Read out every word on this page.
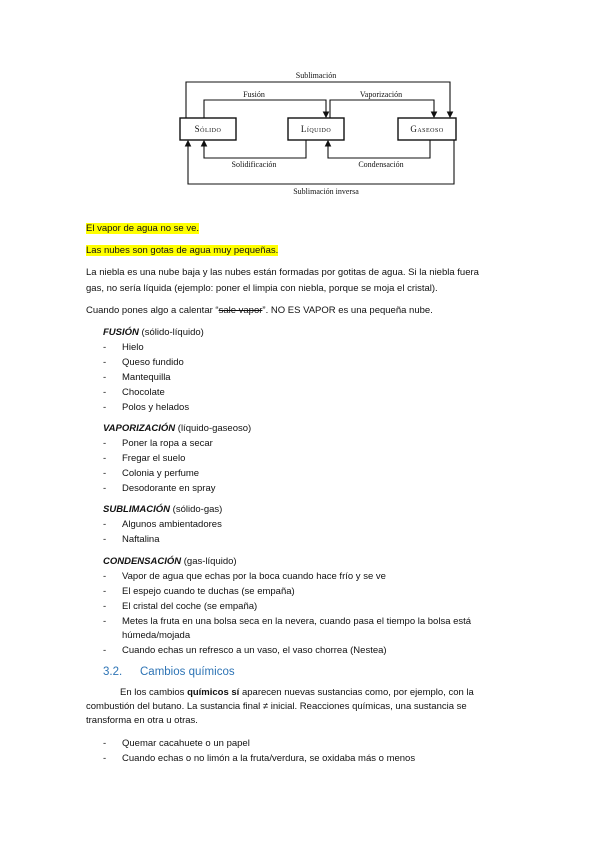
Sólido	Líquido	Gaseoso
Sublimación
Fusión	Vaporización
Solidificación	Condensación
Sublimación inversa
El vapor de agua no se ve.
Las nubes son gotas de agua muy pequeñas.
La niebla es una nube baja y las nubes están formadas por gotitas de agua. Si la niebla fuera
gas, no sería líquida (ejemplo: poner el limpia con niebla, porque se moja el cristal).
Cuando pones algo a calentar “sale vapor”. NO ES VAPOR es una pequeña nube.
FUSIÓN (sólido-líquido)
- Hielo
- Queso fundido
- Mantequilla
- Chocolate
- Polos y helados
VAPORIZACIÓN (líquido-gaseoso)
- Poner la ropa a secar
- Fregar el suelo
- Colonia y perfume
- Desodorante en spray
SUBLIMACIÓN (sólido-gas)
- Algunos ambientadores
- Naftalina
CONDENSACIÓN (gas-líquido)
- Vapor de agua que echas por la boca cuando hace frío y se ve
- El espejo cuando te duchas (se empaña)
- El cristal del coche (se empaña)
- Metes la fruta en una bolsa seca en la nevera, cuando pasa el tiempo la bolsa está
húmeda/mojada
- Cuando echas un refresco a un vaso, el vaso chorrea (Nestea)
3.2. Cambios químicos
En los cambios químicos sí aparecen nuevas sustancias como, por ejemplo, con la
combustión del butano. La sustancia final ≠ inicial. Reacciones químicas, una sustancia se
transforma en otra u otras.
- Quemar cacahuete o un papel
- Cuando echas o no limón a la fruta/verdura, se oxidaba más o menos
